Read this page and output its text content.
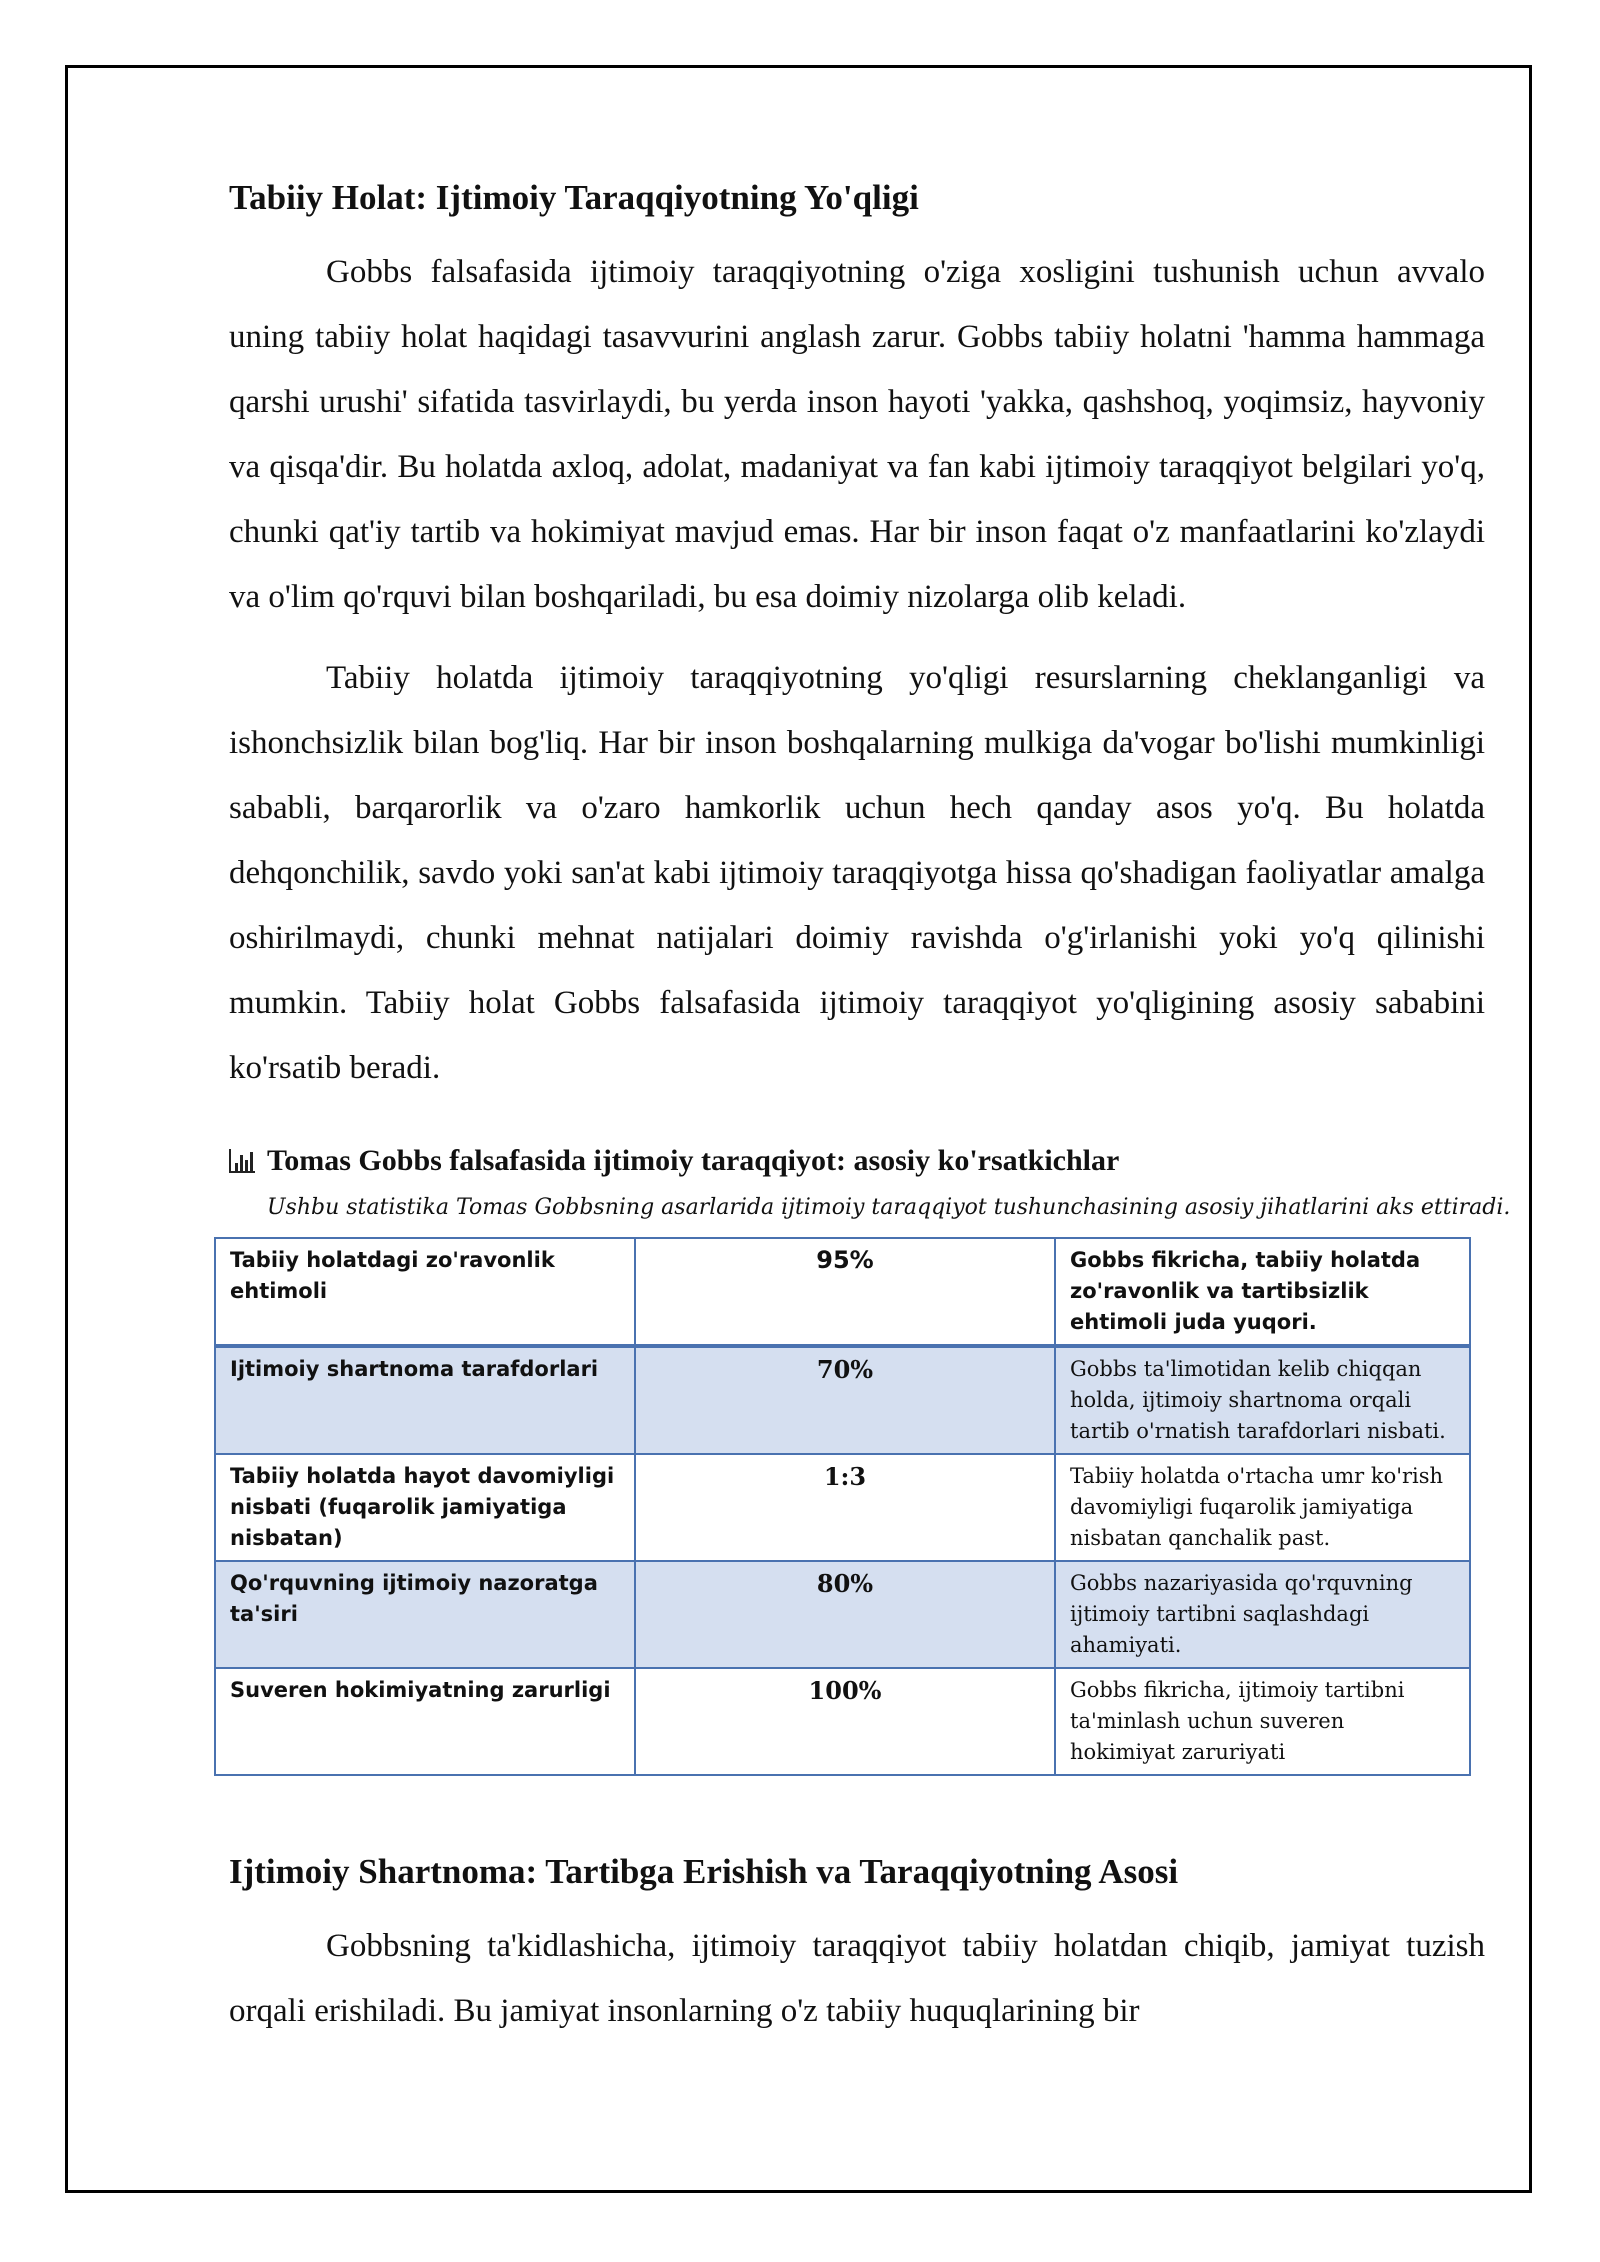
Tabiiy Holat: Ijtimoiy Taraqqiyotning Yo'qligi

Gobbs falsafasida ijtimoiy taraqqiyotning o'ziga xosligini tushunish uchun avvalo uning tabiiy holat haqidagi tasavvurini anglash zarur. Gobbs tabiiy holatni 'hamma hammaga qarshi urushi' sifatida tasvirlaydi, bu yerda inson hayoti 'yakka, qashshoq, yoqimsiz, hayvoniy va qisqa'dir. Bu holatda axloq, adolat, madaniyat va fan kabi ijtimoiy taraqqiyot belgilari yo'q, chunki qat'iy tartib va hokimiyat mavjud emas. Har bir inson faqat o'z manfaatlarini ko'zlaydi va o'lim qo'rquvi bilan boshqariladi, bu esa doimiy nizolarga olib keladi.

Tabiiy holatda ijtimoiy taraqqiyotning yo'qligi resurslarning cheklanganligi va ishonchsizlik bilan bog'liq. Har bir inson boshqalarning mulkiga da'vogar bo'lishi mumkinligi sababli, barqarorlik va o'zaro hamkorlik uchun hech qanday asos yo'q. Bu holatda dehqonchilik, savdo yoki san'at kabi ijtimoiy taraqqiyotga hissa qo'shadigan faoliyatlar amalga oshirilmaydi, chunki mehnat natijalari doimiy ravishda o'g'irlanishi yoki yo'q qilinishi mumkin. Tabiiy holat Gobbs falsafasida ijtimoiy taraqqiyot yo'qligining asosiy sababini ko'rsatib beradi.

Tomas Gobbs falsafasida ijtimoiy taraqqiyot: asosiy ko'rsatkichlar
Ushbu statistika Tomas Gobbsning asarlarida ijtimoiy taraqqiyot tushunchasining asosiy jihatlarini aks ettiradi.
Tabiiy holatdagi zo'ravonlik ehtimoli	95%	Gobbs fikricha, tabiiy holatda zo'ravonlik va tartibsizlik ehtimoli juda yuqori.
Ijtimoiy shartnoma tarafdorlari	70%	Gobbs ta'limotidan kelib chiqqan holda, ijtimoiy shartnoma orqali tartib o'rnatish tarafdorlari nisbati.
Tabiiy holatda hayot davomiyligi nisbati (fuqarolik jamiyatiga nisbatan)	1:3	Tabiiy holatda o'rtacha umr ko'rish davomiyligi fuqarolik jamiyatiga nisbatan qanchalik past.
Qo'rquvning ijtimoiy nazoratga ta'siri	80%	Gobbs nazariyasida qo'rquvning ijtimoiy tartibni saqlashdagi ahamiyati.
Suveren hokimiyatning zarurligi	100%	Gobbs fikricha, ijtimoiy tartibni ta'minlash uchun suveren hokimiyat zaruriyati
Ijtimoiy Shartnoma: Tartibga Erishish va Taraqqiyotning Asosi

Gobbsning ta'kidlashicha, ijtimoiy taraqqiyot tabiiy holatdan chiqib, jamiyat tuzish orqali erishiladi. Bu jamiyat insonlarning o'z tabiiy huquqlarining bir
